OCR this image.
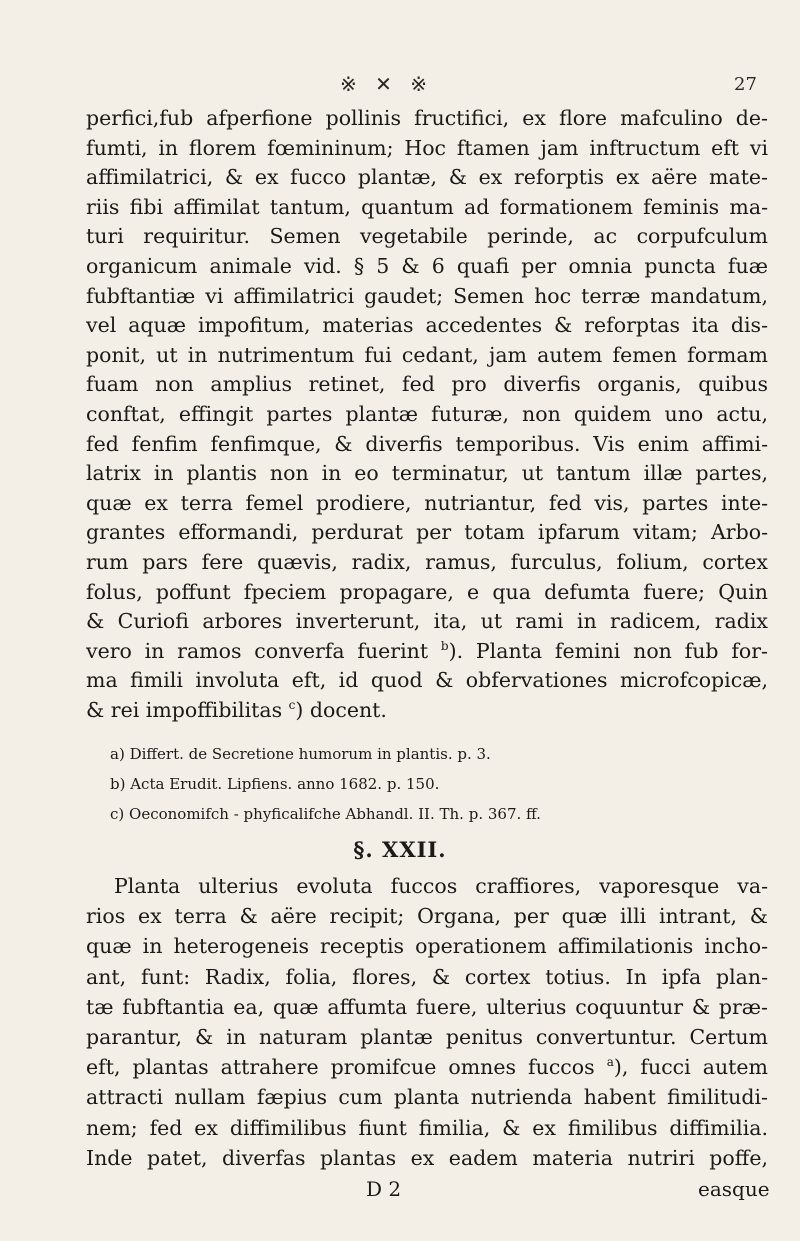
※ ✕ ※	27
perfici,fub afperfione pollinis fructifici, ex flore mafculino de-
fumti, in florem fœmininum; Hoc ftamen jam inftructum eft vi
affimilatrici, & ex fucco plantæ, & ex reforptis ex aëre mate-
riis fibi affimilat tantum, quantum ad formationem feminis ma-
turi requiritur. Semen vegetabile perinde, ac corpufculum
organicum animale vid. § 5 & 6 quafi per omnia puncta fuæ
fubftantiæ vi affimilatrici gaudet; Semen hoc terræ mandatum,
vel aquæ impofitum, materias accedentes & reforptas ita dis-
ponit, ut in nutrimentum fui cedant, jam autem femen formam
fuam non amplius retinet, fed pro diverfis organis, quibus
conftat, effingit partes plantæ futuræ, non quidem uno actu,
fed fenfim fenfimque, & diverfis temporibus. Vis enim affimi-
latrix in plantis non in eo terminatur, ut tantum illæ partes,
quæ ex terra femel prodiere, nutriantur, fed vis, partes inte-
grantes efformandi, perdurat per totam ipfarum vitam; Arbo-
rum pars fere quævis, radix, ramus, furculus, folium, cortex
folus, poffunt fpeciem propagare, e qua defumta fuere; Quin
& Curiofi arbores inverterunt, ita, ut rami in radicem, radix
vero in ramos converfa fuerint $^b$). Planta femini non fub for-
ma fimili involuta eft, id quod & obfervationes microfcopicæ,
& rei impoffibilitas $^c$) docent.
a) Differt. de Secretione humorum in plantis. p. 3.
b) Acta Erudit. Lipfiens. anno 1682. p. 150.
c) Oeconomifch - phyficalifche Abhandl. II. Th. p. 367. ff.
§. XXII.
Planta ulterius evoluta fuccos craffiores, vaporesque va-
rios ex terra & aëre recipit; Organa, per quæ illi intrant, &
quæ in heterogeneis receptis operationem affimilationis incho-
ant, funt: Radix, folia, flores, & cortex totius. In ipfa plan-
tæ fubftantia ea, quæ affumta fuere, ulterius coquuntur & præ-
parantur, & in naturam plantæ penitus convertuntur. Certum
eft, plantas attrahere promifcue omnes fuccos $^a$), fucci autem
attracti nullam fæpius cum planta nutrienda habent fimilitudi-
nem; fed ex diffimilibus fiunt fimilia, & ex fimilibus diffimilia.
Inde patet, diverfas plantas ex eadem materia nutriri poffe,
D 2	easque
